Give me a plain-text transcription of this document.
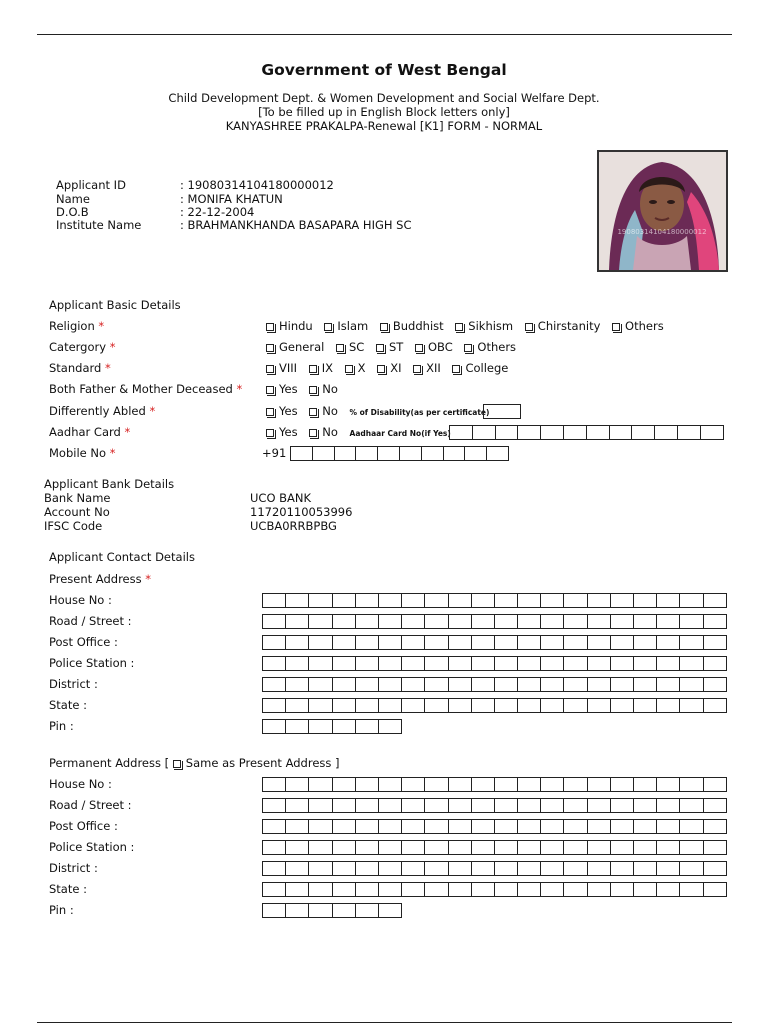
Government of West Bengal
Child Development Dept. & Women Development and Social Welfare Dept.
[To be filled up in English Block letters only]
KANYASHREE PRAKALPA-Renewal [K1] FORM - NORMAL
Applicant ID	: 19080314104180000012
Name	: MONIFA KHATUN
D.O.B	: 22-12-2004
Institute Name	: BRAHMANKHANDA BASAPARA HIGH SC	19080314104180000012
Applicant Basic Details
Religion *	Hindu Islam Buddhist Sikhism Chirstanity Others
Catergory *	General SC ST OBC Others
Standard *	VIII IX X XI XII College
Both Father & Mother Deceased *	Yes No
Differently Abled *	Yes No % of Disability(as per certificate)
Aadhar Card *	Yes No Aadhaar Card No(if Yes)
Mobile No *	+91
Applicant Bank Details
Bank Name	UCO BANK
Account No	11720110053996
IFSC Code	UCBA0RRBPBG
Applicant Contact Details
Present Address *
House No :
Road / Street :
Post Office :
Police Station :
District :
State :
Pin :
Permanent Address [ Same as Present Address ]
House No :
Road / Street :
Post Office :
Police Station :
District :
State :
Pin :
